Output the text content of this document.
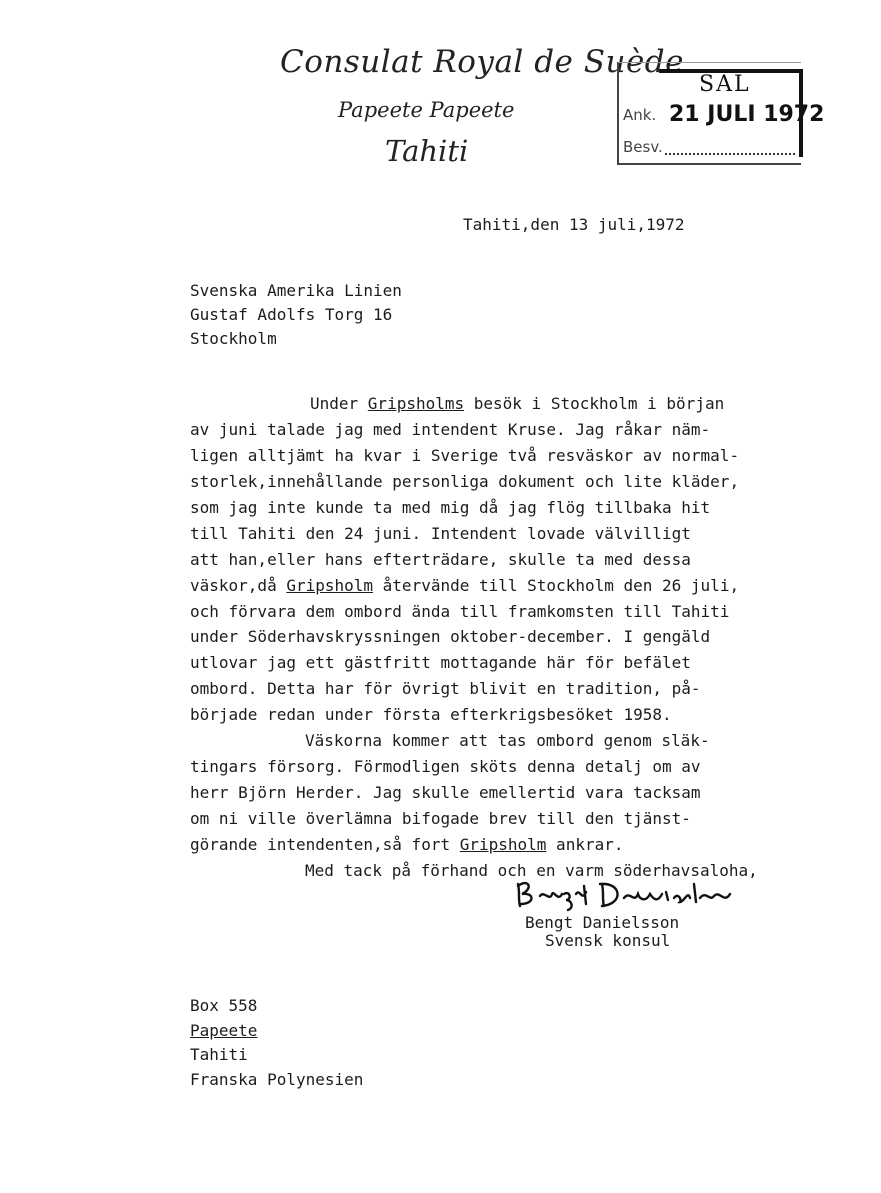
Consulat Royal de Suède
Papeete Papeete
Tahiti
SAL
Ank. 21 JULI 1972
Besv.
Tahiti,den 13 juli,1972
Svenska Amerika Linien
Gustaf Adolfs Torg 16
Stockholm
Under Gripsholms besök i Stockholm i början
av juni talade jag med intendent Kruse. Jag råkar näm-
ligen alltjämt ha kvar i Sverige två resväskor av normal-
storlek,innehållande personliga dokument och lite kläder,
som jag inte kunde ta med mig då jag flög tillbaka hit
till Tahiti den 24 juni. Intendent lovade välvilligt
att han,eller hans efterträdare, skulle ta med dessa
väskor,då Gripsholm återvände till Stockholm den 26 juli,
och förvara dem ombord ända till framkomsten till Tahiti
under Söderhavskryssningen oktober-december. I gengäld
utlovar jag ett gästfritt mottagande här för befälet
ombord. Detta har för övrigt blivit en tradition, på-
började redan under första efterkrigsbesöket 1958.
Väskorna kommer att tas ombord genom släk-
tingars försorg. Förmodligen sköts denna detalj om av
herr Björn Herder. Jag skulle emellertid vara tacksam
om ni ville överlämna bifogade brev till den tjänst-
görande intendenten,så fort Gripsholm ankrar.
Med tack på förhand och en varm söderhavsaloha,
Bengt Danielsson
Svensk konsul
Box 558
Papeete
Tahiti
Franska Polynesien
